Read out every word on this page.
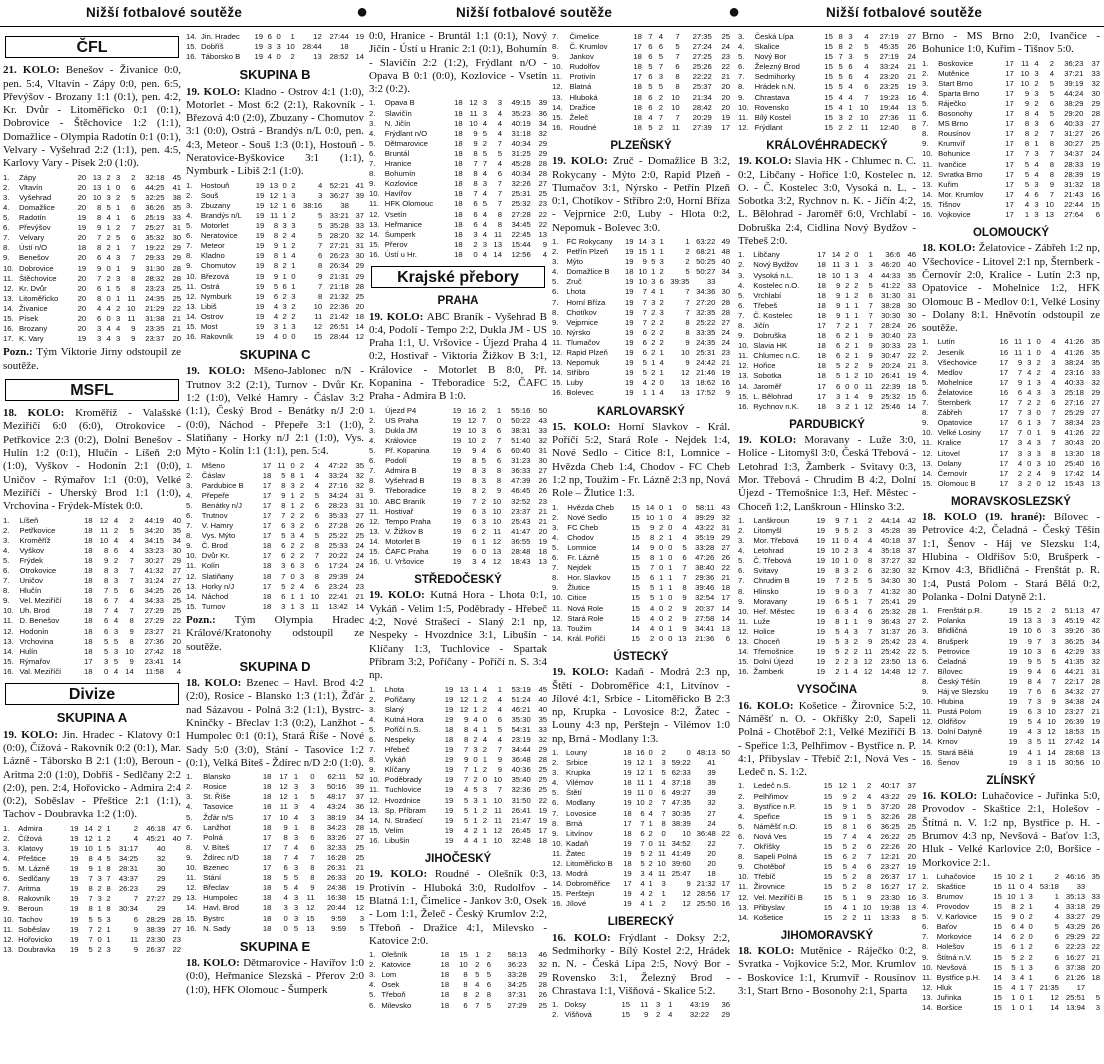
Nižší fotbalové soutěže	●	Nižší fotbalové soutěže	●	Nižší fotbalové soutěže
ČFL

21. KOLO: Benešov - Živanice 0:0, pen. 5:4, Vltavín - Zápy 0:0, pen. 6:5, Převýšov - Brozany 1:1 (0:1), pen. 4:2, Kr. Dvůr - Litoměřicko 0:1 (0:1), Dobrovice - Štěchovice 1:2 (1:1), Domažlice - Olympia Radotín 0:1 (0:1), Velvary - Vyšehrad 2:2 (1:1), pen. 4:5, Karlovy Vary - Písek 2:0 (1:0).

1.	Zápy	20	13	2	3	2	32:18	45
2.	Vltavín	20	13	1	0	6	44:25	41
3.	Vyšehrad	20	10	3	2	5	32:25	38
4.	Domažlice	20	8	5	1	6	36:26	35
5.	Radotín	19	8	4	1	6	25:19	33
6.	Převýšov	19	9	1	2	7	25:27	31
7.	Velvary	20	7	2	5	6	35:32	30
8.	Ústí n/O	18	8	2	1	7	19:22	29
9.	Benešov	20	6	4	3	7	29:33	29
10.	Dobrovice	19	9	0	1	9	31:30	28
11.	Štěchovice	20	7	2	3	8	28:32	28
12.	Kr. Dvůr	20	6	1	5	8	23:23	25
13.	Litoměřicko	20	8	0	1	11	24:35	25
14.	Živanice	20	4	4	2	10	21:29	22
15.	Písek	20	6	0	3	11	31:38	21
16.	Brozany	20	3	4	4	9	23:35	21
17.	K. Vary	19	3	4	3	9	23:37	20

Pozn.: Tým Viktorie Jirny odstoupil ze soutěže.

MSFL

18. KOLO: Kroměříž - Valašské Meziříčí 6:0 (6:0), Otrokovice - Petřkovice 2:3 (0:2), Dolní Benešov - Hulín 1:2 (0:1), Hlučín - Líšeň 2:0 (1:0), Vyškov - Hodonín 2:1 (0:0), Uničov - Rýmařov 1:1 (0:0), Velké Meziříčí - Uherský Brod 1:1 (1:0), Vrchovina - Frýdek-Místek 0:0.

1.	Líšeň	18	12	4	2	44:19	40
2.	Petřkovice	18	11	2	5	34:20	35
3.	Kroměříž	18	10	4	4	34:15	34
4.	Vyškov	18	8	6	4	33:23	30
5.	Frýdek	18	9	2	7	30:27	29
6.	Otrokovice	18	8	3	7	41:32	27
7.	Uničov	18	8	3	7	31:24	27
8.	Hlučín	18	7	5	6	34:25	26
9.	Vel. Meziříčí	18	6	7	4	34:33	25
10.	Uh. Brod	18	7	4	7	27:29	25
11.	D. Benešov	18	6	4	8	27:29	22
12.	Hodonín	18	6	3	9	23:27	21
13.	Vrchovina	18	5	5	8	27:36	20
14.	Hulín	18	5	3	10	27:42	18
15.	Rýmařov	17	3	5	9	23:41	14
16.	Val. Meziříčí	18	0	4	14	11:58	4
Divize
SKUPINA A

19. KOLO: Jin. Hradec - Klatovy 0:1 (0:0), Čížová - Rakovník 0:2 (0:1), Mar. Lázně - Táborsko B 2:1 (1:0), Beroun - Aritma 2:0 (1:0), Dobříš - Sedlčany 2:2 (2:0), pen. 2:4, Hořovicko - Admira 2:4 (0:2), Soběslav - Přeštice 2:1 (1:1), Tachov - Doubravka 1:2 (1:0).

1.	Admira	19	14	2	1	2	46:18	47
2.	Čížová	19	12	1	2	4	45:21	40
3.	Klatovy	19	10	1	5	31:17	40	
4.	Přeštice	19	8	4	5	34:25	32	
5.	M. Lázně	19	9	1	8	28:31	30	
6.	Sedlčany	19	7	3	7	43:37	29	
7.	Aritma	19	8	2	8	26:23	29	
8.	Rakovník	19	7	3	2	7	27:27	29
9.	Beroun	19	8	1	8	30:34	29	
10.	Tachov	19	5	5	3	6	28:29	28
11.	Soběslav	19	7	2	1	9	38:39	27
12.	Hořovicko	19	7	0	1	11	23:30	23
13.	Doubravka	19	5	2	3	9	26:37	22
14.	Jin. Hradec	19	6	0	1	12	27:44	19
15.	Dobříš	19	3	3	10	28:44	18	
16.	Táborsko B	19	4	0	2	13	28:52	14
SKUPINA B

19. KOLO: Kladno - Ostrov 4:1 (1:0), Motorlet - Most 6:2 (2:1), Rakovník - Březová 4:0 (2:0), Zbuzany - Chomutov 3:1 (0:0), Ostrá - Brandýs n/L 0:0, pen. 4:3, Meteor - Souš 1:3 (0:1), Hostouň - Neratovice-Byškovice 3:1 (1:1), Nymburk - Libiš 2:1 (1:0).

1.	Hostouň	19	13	0	2	4	52:21	41
2.	Souš	19	12	1	3	3	36:27	39
3.	Zbuzany	19	12	1	6	38:16	38	
4.	Brandýs n/L	19	11	1	2	5	33:21	37
5.	Motorlet	19	8	3	3	5	35:28	33
6.	Neratovice	19	8	2	4	5	28:20	32
7.	Meteor	19	9	1	2	7	27:21	31
8.	Kladno	19	8	1	4	6	26:23	30
9.	Chomutov	19	8	2	1	8	26:34	29
10.	Březová	19	9	1	0	9	21:31	29
11.	Ostrá	19	5	6	1	7	21:18	28
12.	Nymburk	19	6	2	3	8	21:32	25
13.	Libiš	19	4	3	2	10	22:36	20
14.	Ostrov	19	4	2	2	11	21:42	18
15.	Most	19	3	1	3	12	26:51	14
16.	Rakovník	19	4	0	0	15	28:44	12
SKUPINA C

19. KOLO: Mšeno-Jablonec n/N - Trutnov 3:2 (2:1), Turnov - Dvůr Kr. 1:2 (1:0), Velké Hamry - Čáslav 3:2 (1:1), Český Brod - Benátky n/J 2:0 (0:0), Náchod - Přepeře 3:1 (1:0), Slatiňany - Horky n/J 2:1 (1:0), Vys. Mýto - Kolín 1:1 (1:1), pen. 5:4.

1.	Mšeno	17	11	0	2	4	47:22	35
2.	Čáslav	18	5	8	1	4	33:24	32
3.	Pardubice B	17	8	3	2	4	27:16	32
4.	Přepeře	17	9	1	2	5	34:24	31
5.	Benátky n/J	17	8	1	2	6	28:23	31
6.	Trutnov	17	7	2	2	6	35:33	27
7.	V. Hamry	17	6	3	2	6	27:28	26
8.	Vys. Mýto	17	5	3	4	5	25:22	25
9.	Č. Brod	18	6	2	2	8	25:33	24
10.	Dvůr Kr.	17	6	2	2	7	20:22	24
11.	Kolín	18	3	6	3	6	17:24	24
12.	Slatiňany	18	7	0	3	8	29:39	24
13.	Horky n/J	17	5	2	4	6	23:24	23
14.	Náchod	18	6	1	1	10	22:41	21
15.	Turnov	18	3	1	3	11	13:42	14

Pozn.: Tým Olympia Hradec Králové/Kratonohy odstoupil ze soutěže.

SKUPINA D

18. KOLO: Bzenec – Havl. Brod 4:2 (2:0), Rosice - Blansko 1:3 (1:1), Žďár nad Sázavou - Polná 3:2 (1:1), Bystrc-Kninčky - Břeclav 1:3 (0:2), Lanžhot - Humpolec 0:1 (0:1), Stará Říše - Nové Sady 5:0 (3:0), Stání - Tasovice 1:2 (0:1), Velká Bíteš - Ždírec n/D 2:0 (1:0).

1.	Blansko	18	17	1	0	62:11	52
2.	Rosice	18	12	3	3	50:16	39
3.	St. Říše	18	12	1	5	48:17	37
4.	Tasovice	18	11	3	4	43:24	36
5.	Žďár n/S	17	10	4	3	38:19	34
6.	Lanžhot	18	9	1	8	34:23	28
7.	Polná	17	8	3	6	33:26	27
8.	V. Bíteš	17	7	4	6	32:33	25
9.	Ždírec n/D	18	7	4	7	16:28	25
10.	Bzenec	17	6	3	8	26:31	21
11.	Stání	18	5	5	8	26:33	20
12.	Břeclav	18	5	4	9	24:38	19
13.	Humpolec	18	4	3	11	16:38	15
14.	Havl. Brod	18	3	3	12	20:44	12
15.	Bystrc	18	0	3	15	9:59	3
16.	N. Sady	18	0	5	13	9:59	5
SKUPINA E

18. KOLO: Dětmarovice - Havířov 1:0 (0:0), Heřmanice Slezská - Přerov 2:0 (1:0), HFK Olomouc - Šumperk

0:0, Hranice - Bruntál 1:1 (0:1), Nový Jičín - Ústí u Hranic 2:1 (0:1), Bohumín - Slavičín 2:2 (1:2), Frýdlant n/O - Opava B 0:1 (0:0), Kozlovice - Vsetín 3:2 (0:2).

1.	Opava B	18	12	3	3	49:15	39
2.	Slavičín	18	11	3	4	35:23	36
3.	N. Jičín	18	10	4	4	40:19	34
4.	Frýdlant n/O	18	9	5	4	31:18	32
5.	Dětmarovice	18	9	2	7	40:34	29
6.	Bruntál	18	8	5	5	31:25	29
7.	Hranice	18	7	7	4	45:28	28
8.	Bohumín	18	8	4	6	40:34	28
9.	Kozlovice	18	8	3	7	32:26	27
10.	Havířov	18	7	4	7	25:31	25
11.	HFK Olomouc	18	6	5	7	25:32	23
12.	Vsetín	18	6	4	8	27:28	22
13.	Heřmanice	18	6	4	8	34:45	22
14.	Šumperk	18	3	4	11	22:45	13
15.	Přerov	18	2	3	13	15:44	9
16.	Ústí u Hr.	18	0	4	14	12:56	4
Krajské přebory
PRAHA

19. KOLO: ABC Braník - Vyšehrad B 0:4, Podolí - Tempo 2:2, Dukla JM - US Praha 1:1, U. Vršovice - Újezd Praha 4 0:2, Hostivař - Viktoria Žižkov B 3:1, Královice - Motorlet B 8:0, Př. Kopanina - Třeboradice 5:2, ČAFC Praha - Admira B 1:0.

1.	Újezd P4	19	16	2	1	55:16	50
2.	US Praha	19	12	7	0	50:22	43
3.	Dukla JM	19	10	3	6	38:31	33
4.	Královice	19	10	2	7	51:40	32
5.	Př. Kopanina	19	9	4	6	60:40	31
6.	Podolí	19	8	5	6	31:23	30
7.	Admira B	19	8	3	8	36:33	27
8.	Vyšehrad B	19	8	3	8	47:39	26
9.	Třeboradice	19	8	2	9	46:45	26
10.	ABC Braník	19	7	2	10	32:52	23
11.	Hostivař	19	6	3	10	23:37	21
12.	Tempo Praha	19	6	3	10	25:43	21
13.	V. Žižkov B	19	6	2	11	41:47	20
14.	Motorlet B	19	6	1	12	36:55	19
15.	ČAFC Praha	19	6	0	13	28:48	18
16.	U. Vršovice	19	3	4	12	18:43	13
STŘEDOČESKÝ

19. KOLO: Kutná Hora - Lhota 0:1, Vykáň - Velim 1:5, Poděbrady - Hřebeč 4:2, Nové Strašecí - Slaný 2:1 np, Nespeky - Hvozdnice 3:1, Libušín - Klíčany 1:3, Tuchlovice - Spartak Příbram 3:2, Poříčany - Poříčí n. S. 3:4 np.

1.	Lhota	19	13	1	4	1	53:19	45
2.	Poříčany	19	12	1	2	4	51:24	40
3.	Slaný	19	12	1	2	4	46:21	40
4.	Kutná Hora	19	9	4	0	6	35:30	35
5.	Poříčí n.S.	18	8	4	1	5	54:31	33
6.	Nespeky	18	8	2	4	4	23:19	32
7.	Hřebeč	19	7	3	2	7	34:44	29
8.	Vykáň	19	9	0	1	9	36:48	28
9.	Klíčany	19	7	1	2	9	40:36	25
10.	Poděbrady	19	7	2	0	10	35:40	25
11.	Tuchlovice	19	4	5	3	7	32:36	25
12.	Hvozdnice	19	5	3	1	10	31:50	22
13.	Sp. Příbram	19	5	1	2	11	26:41	19
14.	N. Strašecí	19	5	1	2	11	21:47	19
15.	Velim	19	4	2	1	12	26:45	17
16.	Libušín	19	4	4	1	10	32:48	18
JIHOČESKÝ

19. KOLO: Roudné - Olešník 0:3, Protivín - Hluboká 3:0, Rudolfov - Blatná 1:1, Čimelice - Jankov 3:0, Osek - Lom 1:1, Želeč - Český Krumlov 2:2, Třeboň - Dražice 4:1, Milevsko - Katovice 2:0.

1.	Olešník	18	15	1	2	58:13	46
2.	Katovice	18	10	2	6	36:23	32
3.	Lom	18	8	5	5	33:28	29
4.	Osek	18	8	4	6	34:25	28
5.	Třeboň	18	8	2	8	37:31	26
6.	Milevsko	18	6	7	5	27:29	25
7.	Čimelice	18	7	4	7	27:35	25
8.	Č. Krumlov	17	6	6	5	27:24	24
9.	Jankov	18	6	5	7	27:25	23
10.	Rudolfov	18	5	7	6	25:26	22
11.	Protivín	17	6	3	8	22:22	21
12.	Blatná	18	5	5	8	25:37	20
13.	Hluboká	18	6	2	10	21:34	20
14.	Dražice	18	6	2	10	28:42	20
15.	Želeč	18	4	7	7	20:29	19
16.	Roudné	18	5	2	11	27:39	17
PLZEŇSKÝ

19. KOLO: Zruč - Domažlice B 3:2, Rokycany - Mýto 2:0, Rapid Plzeň - Tlumačov 3:1, Nýrsko - Petřín Plzeň 0:1, Chotíkov - Stříbro 2:0, Horní Bříza - Vejprnice 2:0, Luby - Hlota 0:2, Nepomuk - Bolevec 3:0.

1.	FC Rokycany	19	14	3	1	1	63:22	49
2.	Petřín Plzeň	19	15	1	1	2	68:21	48
3.	Mýto	19	9	5	3	2	50:25	40
4.	Domažlice B	18	10	1	2	5	50:27	34
5.	Zruč	19	10	3	6	39:35	33	
6.	Lhota	19	7	4	1	7	34:36	30
7.	Horní Bříza	19	7	3	2	7	27:20	28
8.	Chotíkov	19	7	2	3	7	32:35	28
9.	Vejprnice	19	7	2	2	8	25:22	27
10.	Nýrsko	19	6	2	2	8	33:35	24
11.	Tlumačov	19	6	2	2	9	24:35	24
12.	Rapid Plzeň	19	6	2	1	10	25:31	23
13.	Nepomuk	19	5	1	4	9	24:42	21
14.	Stříbro	19	5	2	1	12	21:46	19
15.	Luby	19	4	2	0	13	18:62	16
16.	Bolevec	19	1	1	4	13	17:52	9
KARLOVARSKÝ

15. KOLO: Horní Slavkov - Král. Poříčí 5:2, Stará Role - Nejdek 1:4, Nové Sedlo - Citice 8:1, Lomnice - Hvězda Cheb 1:4, Chodov - FC Cheb 1:2 np, Toužim - Fr. Lázně 2:3 np, Nová Role – Žlutice 1:3.

1.	Hvězda Cheb	15	14	0	1	0	58:11	43
2.	Nové Sedlo	15	10	1	0	4	39:29	32
3.	FC Cheb	15	9	2	0	4	43:22	31
4.	Chodov	15	8	2	1	4	35:19	29
5.	Lomnice	14	9	0	0	5	33:28	27
6.	Fr. Lázně	15	8	1	0	6	47:26	26
7.	Nejdek	15	7	0	1	7	38:40	22
8.	Hor. Slavkov	15	6	1	1	7	29:36	21
9.	Žlutice	15	5	1	1	8	39:46	18
10.	Citice	15	5	1	0	9	32:54	17
11.	Nová Role	15	4	0	2	9	20:37	14
12.	Stará Role	15	4	0	2	9	27:58	14
13.	Toužim	14	4	0	1	9	34:41	13
14.	Král. Poříčí	15	2	0	0	13	21:36	6
ÚSTECKÝ

19. KOLO: Kadaň - Modrá 2:3 np, Štětí - Dobroměřice 4:1, Litvínov - Jílové 4:1, Srbice - Litoměřicko B 2:3 np, Krupka - Lovosice 8:2, Žatec - Louny 4:3 np, Perštejn - Vilémov 1:0 np, Brná - Modlany 1:3.

1.	Louny	18	16	0	2	0	48:13	50
2.	Srbice	19	12	1	3	59:22	41	
3.	Krupka	19	12	1	5	62:33	39	
4.	Vilémov	18	11	1	4	37:18	39	
5.	Štětí	19	11	0	6	49:27	39	
6.	Modlany	19	10	2	7	47:35	32	
7.	Lovosice	18	6	4	7	30:35	27	
8.	Brná	17	7	1	8	38:39	24	
9.	Litvínov	18	6	2	0	10	36:48	22
10.	Kadaň	19	7	0	11	34:52	22	
11.	Žatec	19	5	2	11	41:49	20	
12.	Litoměřicko B	18	5	2	10	39:60	20	
13.	Modrá	19	3	4	11	25:47	18	
14.	Dobroměřice	17	4	1	3	9	21:32	17
15.	Perštejn	19	4	2	1	12	28:56	17
16.	Jílové	19	4	1	2	12	25:50	16
LIBERECKÝ

16. KOLO: Frýdlant - Doksy 2:2, Sedmihorky - Bílý Kostel 2:2, Hrádek n. N. - Česká Lípa 2:5, Nový Bor - Rovensko 3:1, Železný Brod - Chrastava 1:1, Višňová - Skalice 5:2.

1.	Doksy	15	11	3	1	43:19	36
2.	Višňová	15	9	2	4	32:22	29
3.	Česká Lípa	15	8	3	4	27:19	27
4.	Skalice	15	8	2	5	45:35	26
5.	Nový Bor	15	7	3	5	27:19	24
6.	Železný Brod	15	5	6	4	33:24	21
7.	Sedmihorky	15	5	6	4	23:20	21
8.	Hrádek n.N.	15	5	4	6	23:25	19
9.	Chrastava	15	4	4	7	19:23	16
10.	Rovensko	15	4	1	10	19:44	13
11.	Bílý Kostel	15	3	2	10	27:36	11
12.	Frýdlant	15	2	2	11	12:40	8
KRÁLOVÉHRADECKÝ

19. KOLO: Slavia HK - Chlumec n. C. 0:2, Libčany - Hořice 1:0, Kostelec n. O. - Č. Kostelec 3:0, Vysoká n. L. - Sobotka 3:2, Rychnov n. K. - Jičín 4:2, L. Bělohrad - Jaroměř 6:0, Vrchlabí - Dobruška 2:4, Cidlina Nový Bydžov - Třebeš 2:0.

1.	Libčany	17	14	2	0	1	36:6	46
2.	Nový Bydžov	18	11	3	1	3	46:20	40
3.	Vysoká n.L.	18	10	1	3	4	44:33	35
4.	Kostelec n.O.	18	9	2	2	5	41:22	33
5.	Vrchlabí	18	9	1	2	6	31:30	31
6.	Třebeš	18	9	1	1	7	38:28	30
7.	Č. Kostelec	18	9	1	1	7	30:30	30
8.	Jičín	17	7	2	1	7	28:24	26
9.	Dobruška	18	6	2	1	9	30:40	23
10.	Slavia HK	18	6	2	1	9	30:33	23
11.	Chlumec n.C.	18	6	2	1	9	30:47	22
12.	Hořice	18	5	2	2	9	20:24	21
13.	Sobotka	18	5	1	2	10	26:41	19
14.	Jaroměř	17	6	0	0	11	22:39	18
15.	L. Bělohrad	17	3	1	4	9	25:32	15
16.	Rychnov n.K.	18	3	2	1	12	25:46	14
PARDUBICKÝ

19. KOLO: Moravany - Luže 3:0, Holice - Litomyšl 3:0, Česká Třebová - Letohrad 1:3, Žamberk - Svitavy 0:3, Mor. Třebová - Chrudim B 4:2, Dolní Újezd - Třemošnice 1:3, Heř. Městec - Choceň 1:2, Lanškroun - Hlinsko 3:2.

1.	Lanškroun	19	9	7	1	2	44:14	42
2.	Litomyšl	19	9	5	2	3	45:28	39
3.	Mor. Třebová	19	11	0	4	4	40:18	37
4.	Letohrad	19	10	2	3	4	35:18	37
5.	Č. Třebová	19	10	1	0	8	37:27	32
6.	Svitavy	19	8	3	2	6	32:30	32
7.	Chrudim B	19	7	2	5	5	34:30	30
8.	Hlinsko	19	9	0	3	7	41:32	30
9.	Moravany	19	6	5	1	7	25:41	29
10.	Heř. Městec	19	6	3	4	6	25:32	28
11.	Luže	19	8	1	1	9	36:43	27
12.	Holice	19	5	4	3	7	31:37	26
13.	Choceň	19	5	3	2	9	25:42	23
14.	Třemošnice	19	5	2	2	11	25:42	22
15.	Dolní Újezd	19	2	2	3	12	23:50	13
16.	Žamberk	19	2	1	4	12	14:48	12
VYSOČINA

16. KOLO: Košetice - Žirovnice 5:2, Náměšť n. O. - Okříšky 2:0, Sapeli Polná - Chotěboř 2:1, Velké Meziříčí B - Speřice 1:3, Pelhřimov - Bystřice n. P. 4:1, Přibyslav - Třebíč 2:1, Nová Ves - Ledeč n. S. 1:2.

1.	Ledeč n.S.	15	12	1	2	40:17	37
2.	Pelhřimov	15	9	2	4	43:22	29
3.	Bystřice n.P.	15	9	1	5	37:20	28
4.	Speřice	15	9	1	5	32:26	28
5.	Náměšť n.O.	15	8	1	6	36:25	25
6.	Nová Ves	15	7	4	4	26:22	25
7.	Okříšky	15	5	2	6	22:26	20
8.	Sapeli Polná	15	6	2	7	12:21	20
9.	Chotěboř	15	5	4	6	23:27	19
10.	Třebíč	15	5	2	8	26:37	17
11.	Žirovnice	15	5	2	8	16:27	17
12.	Vel. Meziříčí B	15	5	1	9	23:30	16
13.	Přibyslav	15	4	1	10	19:38	13
14.	Košetice	15	2	2	11	13:33	8
JIHOMORAVSKÝ

18. KOLO: Mutěnice - Ráječko 0:2, Svratka - Vojkovice 5:2, Mor. Krumlov - Boskovice 1:1, Krumvíř - Rousínov 3:1, Start Brno - Bosonohy 2:1, Sparta

Brno - MS Brno 2:0, Ivančice - Bohunice 1:0, Kuřim - Tišnov 5:0.

1.	Boskovice	17	11	4	2	36:23	37
2.	Mutěnice	17	10	3	4	37:21	33
3.	Start Brno	17	10	2	5	39:19	32
4.	Sparta Brno	17	9	3	5	44:24	30
5.	Ráječko	17	9	2	6	38:29	29
6.	Bosonohy	17	8	4	5	29:20	28
7.	MS Brno	17	8	3	6	40:33	27
8.	Rousínov	17	8	2	7	31:27	26
9.	Krumvíř	17	8	1	8	30:27	25
10.	Bohunice	17	7	3	7	34:37	24
11.	Ivančice	17	5	4	8	28:33	19
12.	Svratka Brno	17	5	4	8	28:39	19
13.	Kuřim	17	5	3	9	31:32	18
14.	Mor. Krumlov	17	4	6	7	21:43	16
15.	Tišnov	17	4	3	10	22:44	15
16.	Vojkovice	17	1	3	13	27:64	6
OLOMOUCKÝ

18. KOLO: Želatovice - Zábřeh 1:2 np, Všechovice - Litovel 2:1 np, Šternberk - Černovír 2:0, Kralice - Lutín 2:3 np, Opatovice - Mohelnice 1:2, HFK Olomouc B - Medlov 0:1, Velké Losiny - Dolany 8:1. Hněvotín odstoupil ze soutěže.

1.	Lutín	16	11	1	0	4	41:26	35
2.	Jeseník	16	11	1	0	4	41:26	35
3.	Všechovice	17	9	3	2	3	38:24	35
4.	Medlov	17	7	4	2	4	23:16	33
5.	Mohelnice	17	9	1	3	4	40:33	32
6.	Želatovice	16	6	4	3	3	25:18	29
7.	Šternberk	17	7	2	2	6	27:16	27
8.	Zábřeh	17	7	3	0	7	25:29	27
9.	Opatovice	17	6	1	3	7	38:34	23
10.	Velké Losiny	17	7	0	1	9	41:26	22
11.	Kralice	17	3	4	3	7	30:43	20
12.	Litovel	17	3	3	3	8	13:30	18
13.	Dolany	17	4	0	3	10	25:40	16
14.	Černovír	17	2	2	4	9	17:42	14
15.	Olomouc B	17	3	2	0	12	15:43	13
MORAVSKOSLEZSKÝ

18. KOLO (19. hrané): Bílovec - Petrovice 4:2, Čeladná - Český Těšín 1:1, Šenov - Háj ve Slezsku 1:4, Hlubina - Oldřišov 5:0, Brušperk - Krnov 4:3, Břidličná - Frenštát p. R. 1:4, Pustá Polom - Stará Bělá 0:2, Polanka - Dolní Datyně 2:1.

1.	Frenštát p.R.	19	15	2	2	51:13	47
2.	Polanka	19	13	3	3	45:19	42
3.	Břidličná	19	10	6	3	39:26	36
4.	Brušperk	19	9	7	3	36:25	34
5.	Petrovice	19	10	3	6	42:29	33
6.	Čeladná	19	9	5	5	41:35	32
7.	Bílovec	19	9	4	6	44:21	31
8.	Český Těšín	19	8	4	7	22:17	28
9.	Háj ve Slezsku	19	7	6	6	34:32	27
10.	Hlubina	19	7	3	9	34:38	24
11.	Pustá Polom	19	6	3	10	23:27	21
12.	Oldřišov	19	5	4	10	26:39	19
13.	Dolní Datyně	19	4	3	12	18:53	15
14.	Krnov	19	3	5	11	27:42	14
15.	Stará Bělá	19	4	1	14	28:68	13
16.	Šenov	19	3	1	15	30:56	10
ZLÍNSKÝ

16. KOLO: Luhačovice - Juřinka 5:0, Provodov - Skaštice 2:1, Holešov - Štítná n. V. 1:2 np, Bystřice p. H. - Brumov 4:3 np, Nevšová - Baťov 1:3, Hluk - Velké Karlovice 2:0, Boršice - Morkovice 2:1.

1.	Luhačovice	15	10	2	1	2	46:16	35
2.	Skaštice	15	11	0	4	53:18	33	
3.	Brumov	15	10	1	3	1	35:13	33
4.	Provodov	15	8	2	1	4	33:18	29
5.	V. Karlovice	15	9	0	2	4	33:27	29
6.	Baťov	15	6	4	0	5	43:29	26
7.	Morkovice	14	6	2	0	6	29:29	22
8.	Holešov	15	6	1	2	6	22:23	22
9.	Štítná n.V.	15	5	2	2	6	16:27	21
10.	Nevšová	15	5	1	3	6	37:38	20
11.	Bystřice p.H.	14	3	4	1	6	21:26	18
12.	Hluk	15	4	1	7	21:35	17	
13.	Juřinka	15	1	0	1	12	25:51	5
14.	Boršice	15	1	0	1	14	13:94	3
